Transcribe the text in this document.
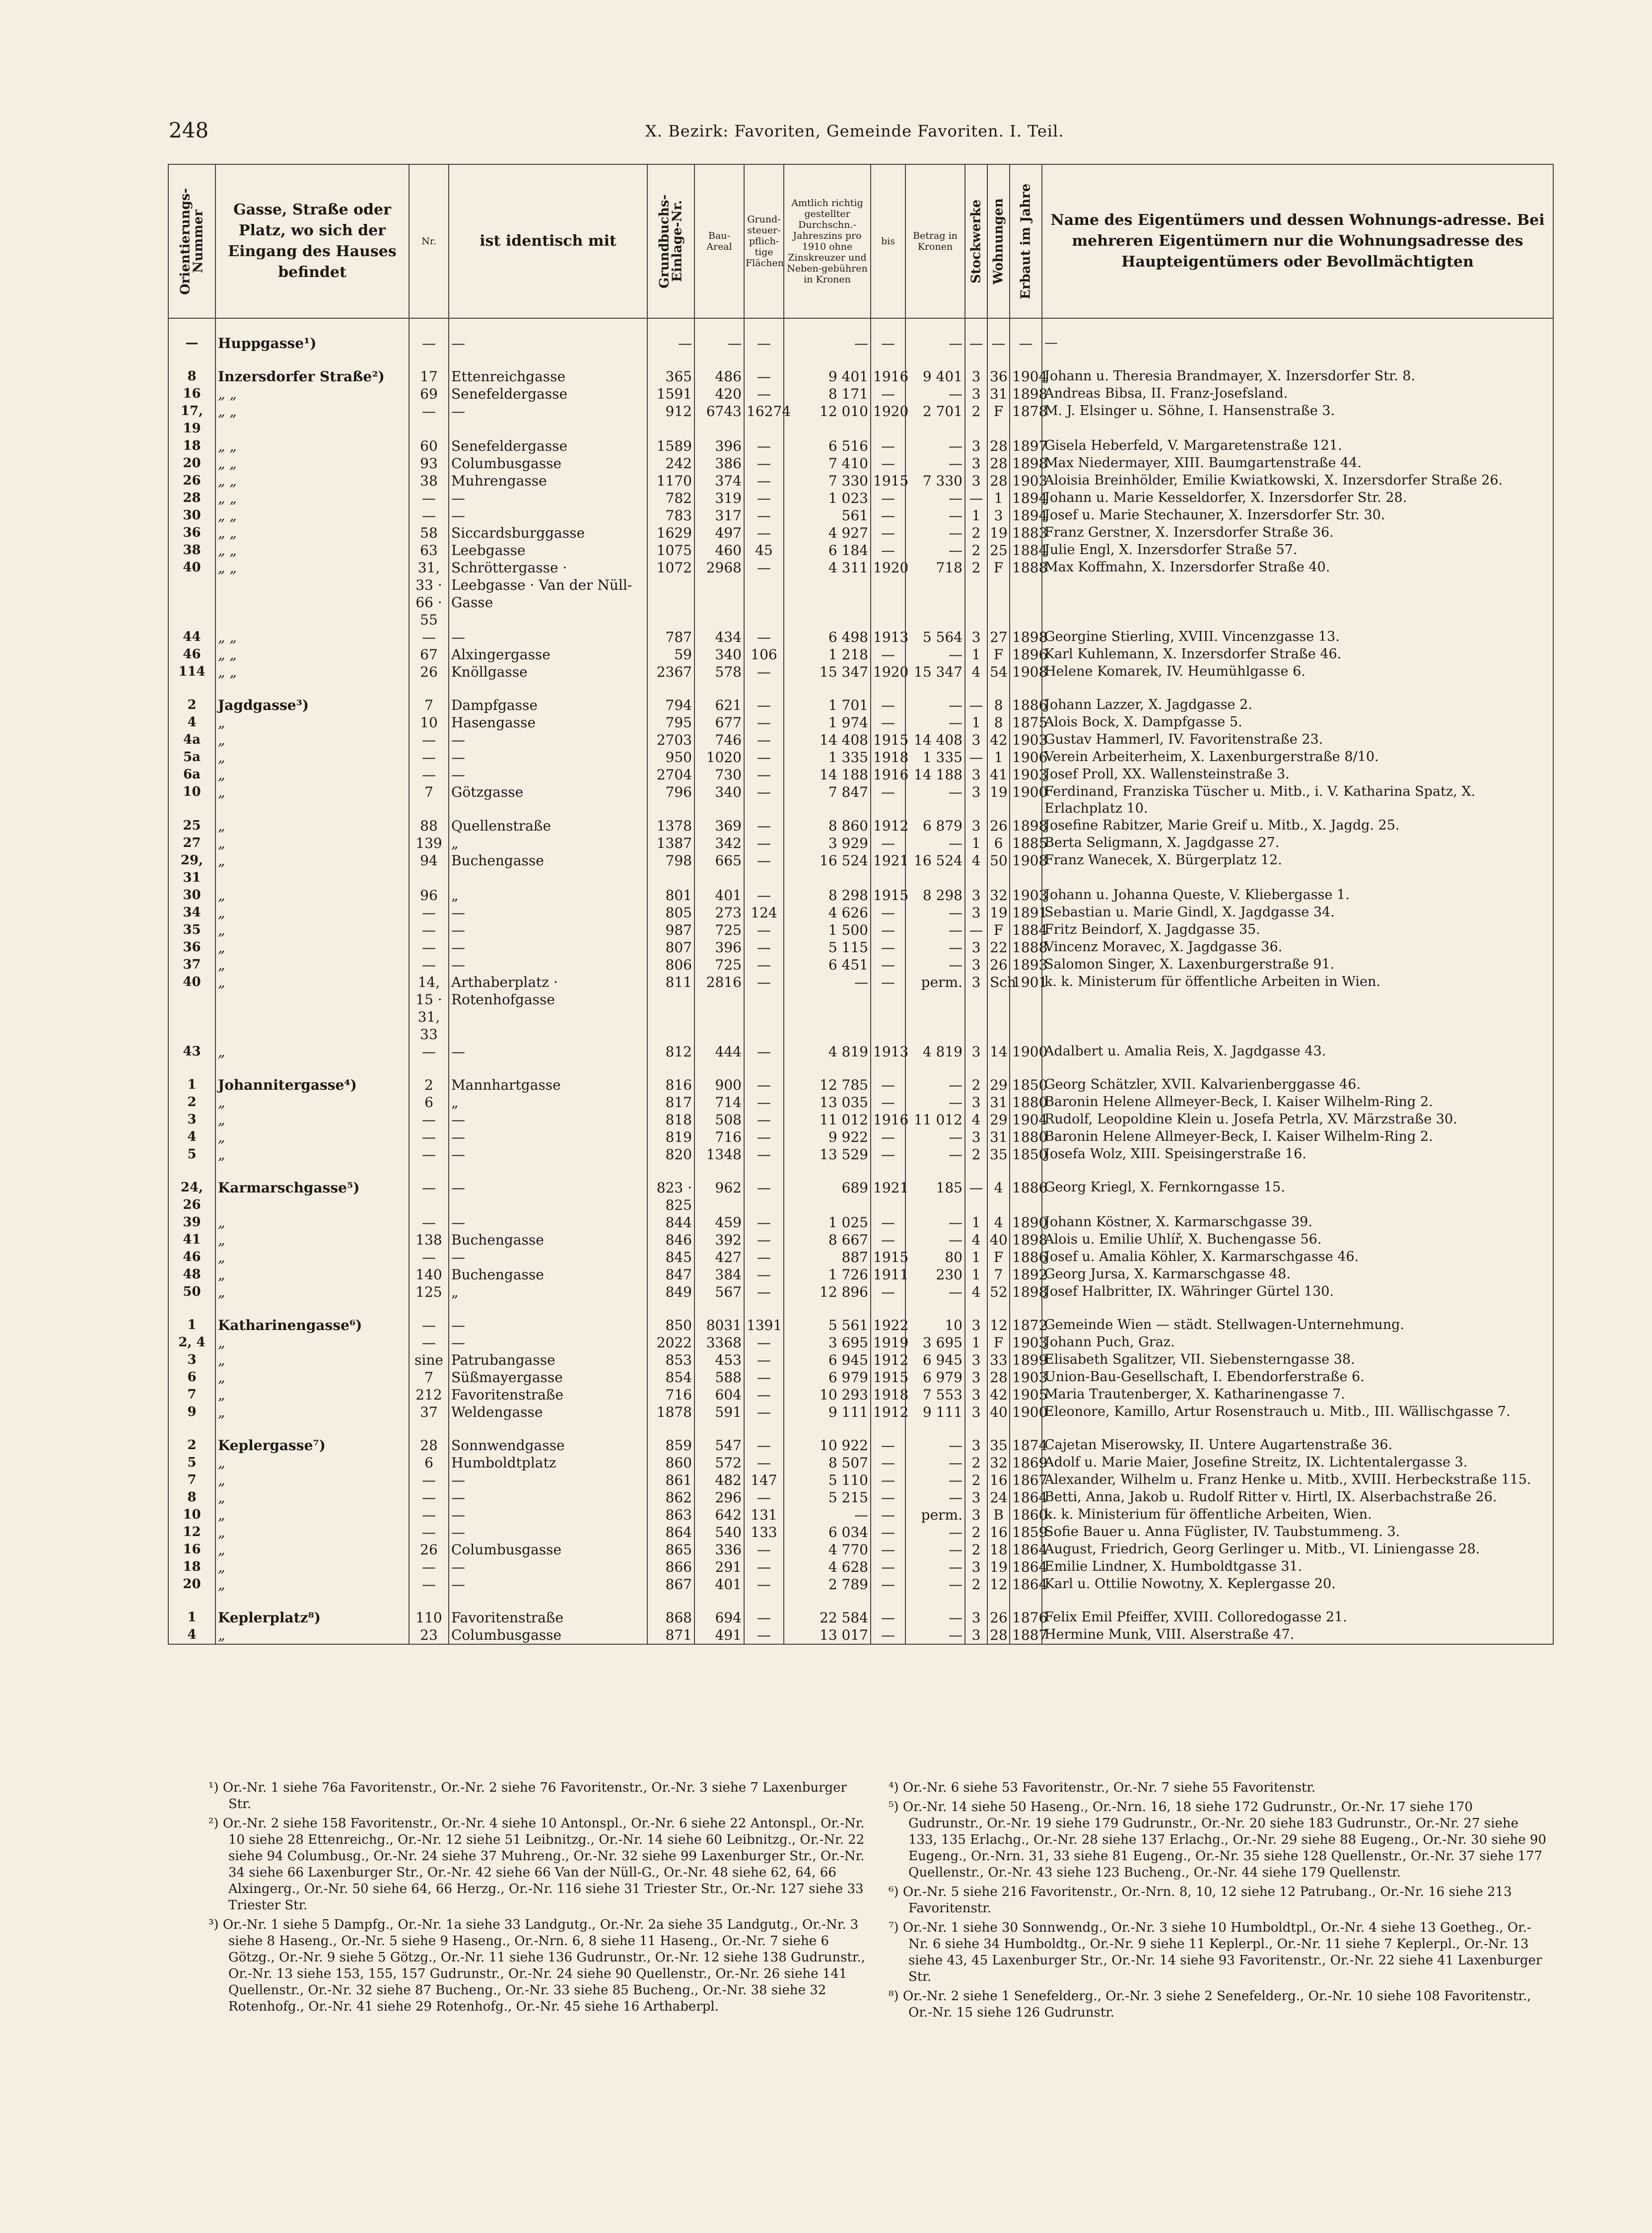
248	X. Bezirk: Favoriten, Gemeinde Favoriten. I. Teil.
Orientierungs-Nummer	Gasse, Straße oder Platz, wo sich der Eingang des Hauses befindet	Nr.	ist identisch mit	Grundbuchs-Einlage-Nr.	Bau-Areal	Grund-steuer-pflich-tige Flächen	Amtlich richtig gestellter Durchschn.-Jahreszins pro 1910 ohne Zinskreuzer und Neben-gebühren in Kronen	bis	Betrag in Kronen	Stockwerke	Wohnungen	Erbaut im Jahre	Name des Eigentümers und dessen Wohnungs-adresse. Bei mehreren Eigentümern nur die Wohnungsadresse des Haupteigentümers oder Bevollmächtigten
—	Huppgasse¹)	—	—	—	—	—	—	—	—	—	—	—	—
8	Inzersdorfer Straße²)	17	Ettenreichgasse	365	486	—	9 401	1916	9 401	3	36	1904	Johann u. Theresia Brandmayer, X. Inzersdorfer Str. 8.
16	„ „	69	Senefeldergasse	1591	420	—	8 171	—	—	3	31	1898	Andreas Bibsa, II. Franz-Josefsland.
17, 19	„ „	—	—	912	6743	16274	12 010	1920	2 701	2	F	1878	M. J. Elsinger u. Söhne, I. Hansenstraße 3.
18	„ „	60	Senefeldergasse	1589	396	—	6 516	—	—	3	28	1897	Gisela Heberfeld, V. Margaretenstraße 121.
20	„ „	93	Columbusgasse	242	386	—	7 410	—	—	3	28	1898	Max Niedermayer, XIII. Baumgartenstraße 44.
26	„ „	38	Muhrengasse	1170	374	—	7 330	1915	7 330	3	28	1903	Aloisia Breinhölder, Emilie Kwiatkowski, X. Inzersdorfer Straße 26.
28	„ „	—	—	782	319	—	1 023	—	—	—	1	1894	Johann u. Marie Kesseldorfer, X. Inzersdorfer Str. 28.
30	„ „	—	—	783	317	—	561	—	—	1	3	1894	Josef u. Marie Stechauner, X. Inzersdorfer Str. 30.
36	„ „	58	Siccardsburggasse	1629	497	—	4 927	—	—	2	19	1883	Franz Gerstner, X. Inzersdorfer Straße 36.
38	„ „	63	Leebgasse	1075	460	45	6 184	—	—	2	25	1884	Julie Engl, X. Inzersdorfer Straße 57.
40	„ „	31, 33 · 66 · 55	Schröttergasse · Leebgasse · Van der Nüll-Gasse	1072	2968	—	4 311	1920	718	2	F	1888	Max Koffmahn, X. Inzersdorfer Straße 40.
44	„ „	—	—	787	434	—	6 498	1913	5 564	3	27	1898	Georgine Stierling, XVIII. Vincenzgasse 13.
46	„ „	67	Alxingergasse	59	340	106	1 218	—	—	1	F	1896	Karl Kuhlemann, X. Inzersdorfer Straße 46.
114	„ „	26	Knöllgasse	2367	578	—	15 347	1920	15 347	4	54	1908	Helene Komarek, IV. Heumühlgasse 6.
2	Jagdgasse³)	7	Dampfgasse	794	621	—	1 701	—	—	—	8	1886	Johann Lazzer, X. Jagdgasse 2.
4	„	10	Hasengasse	795	677	—	1 974	—	—	1	8	1875	Alois Bock, X. Dampfgasse 5.
4a	„	—	—	2703	746	—	14 408	1915	14 408	3	42	1903	Gustav Hammerl, IV. Favoritenstraße 23.
5a	„	—	—	950	1020	—	1 335	1918	1 335	—	1	1906	Verein Arbeiterheim, X. Laxenburgerstraße 8/10.
6a	„	—	—	2704	730	—	14 188	1916	14 188	3	41	1903	Josef Proll, XX. Wallensteinstraße 3.
10	„	7	Götzgasse	796	340	—	7 847	—	—	3	19	1900	Ferdinand, Franziska Tüscher u. Mitb., i. V. Katharina Spatz, X. Erlachplatz 10.
25	„	88	Quellenstraße	1378	369	—	8 860	1912	6 879	3	26	1898	Josefine Rabitzer, Marie Greif u. Mitb., X. Jagdg. 25.
27	„	139	„	1387	342	—	3 929	—	—	1	6	1885	Berta Seligmann, X. Jagdgasse 27.
29, 31	„	94	Buchengasse	798	665	—	16 524	1921	16 524	4	50	1908	Franz Wanecek, X. Bürgerplatz 12.
30	„	96	„	801	401	—	8 298	1915	8 298	3	32	1903	Johann u. Johanna Queste, V. Kliebergasse 1.
34	„	—	—	805	273	124	4 626	—	—	3	19	1891	Sebastian u. Marie Gindl, X. Jagdgasse 34.
35	„	—	—	987	725	—	1 500	—	—	—	F	1884	Fritz Beindorf, X. Jagdgasse 35.
36	„	—	—	807	396	—	5 115	—	—	3	22	1888	Vincenz Moravec, X. Jagdgasse 36.
37	„	—	—	806	725	—	6 451	—	—	3	26	1893	Salomon Singer, X. Laxenburgerstraße 91.
40	„	14, 15 · 31, 33	Arthaberplatz · Rotenhofgasse	811	2816	—	—	—	perm.	3	Sch	1901	k. k. Ministerum für öffentliche Arbeiten in Wien.
43	„	—	—	812	444	—	4 819	1913	4 819	3	14	1900	Adalbert u. Amalia Reis, X. Jagdgasse 43.
1	Johannitergasse⁴)	2	Mannhartgasse	816	900	—	12 785	—	—	2	29	1850	Georg Schätzler, XVII. Kalvarienberggasse 46.
2	„	6	„	817	714	—	13 035	—	—	3	31	1880	Baronin Helene Allmeyer-Beck, I. Kaiser Wilhelm-Ring 2.
3	„	—	—	818	508	—	11 012	1916	11 012	4	29	1904	Rudolf, Leopoldine Klein u. Josefa Petrla, XV. Märzstraße 30.
4	„	—	—	819	716	—	9 922	—	—	3	31	1880	Baronin Helene Allmeyer-Beck, I. Kaiser Wilhelm-Ring 2.
5	„	—	—	820	1348	—	13 529	—	—	2	35	1850	Josefa Wolz, XIII. Speisingerstraße 16.
24, 26	Karmarschgasse⁵)	—	—	823 · 825	962	—	689	1921	185	—	4	1886	Georg Kriegl, X. Fernkorngasse 15.
39	„	—	—	844	459	—	1 025	—	—	1	4	1890	Johann Köstner, X. Karmarschgasse 39.
41	„	138	Buchengasse	846	392	—	8 667	—	—	4	40	1898	Alois u. Emilie Uhlíř, X. Buchengasse 56.
46	„	—	—	845	427	—	887	1915	80	1	F	1886	Josef u. Amalia Köhler, X. Karmarschgasse 46.
48	„	140	Buchengasse	847	384	—	1 726	1911	230	1	7	1892	Georg Jursa, X. Karmarschgasse 48.
50	„	125	„	849	567	—	12 896	—	—	4	52	1898	Josef Halbritter, IX. Währinger Gürtel 130.
1	Katharinengasse⁶)	—	—	850	8031	1391	5 561	1922	10	3	12	1872	Gemeinde Wien — städt. Stellwagen-Unternehmung.
2, 4	„	—	—	2022	3368	—	3 695	1919	3 695	1	F	1903	Johann Puch, Graz.
3	„	sine	Patrubangasse	853	453	—	6 945	1912	6 945	3	33	1899	Elisabeth Sgalitzer, VII. Siebensterngasse 38.
6	„	7	Süßmayergasse	854	588	—	6 979	1915	6 979	3	28	1903	Union-Bau-Gesellschaft, I. Ebendorferstraße 6.
7	„	212	Favoritenstraße	716	604	—	10 293	1918	7 553	3	42	1905	Maria Trautenberger, X. Katharinengasse 7.
9	„	37	Weldengasse	1878	591	—	9 111	1912	9 111	3	40	1900	Eleonore, Kamillo, Artur Rosenstrauch u. Mitb., III. Wällischgasse 7.
2	Keplergasse⁷)	28	Sonnwendgasse	859	547	—	10 922	—	—	3	35	1874	Cajetan Miserowsky, II. Untere Augartenstraße 36.
5	„	6	Humboldtplatz	860	572	—	8 507	—	—	2	32	1869	Adolf u. Marie Maier, Josefine Streitz, IX. Lichtentalergasse 3.
7	„	—	—	861	482	147	5 110	—	—	2	16	1867	Alexander, Wilhelm u. Franz Henke u. Mitb., XVIII. Herbeckstraße 115.
8	„	—	—	862	296	—	5 215	—	—	3	24	1864	Betti, Anna, Jakob u. Rudolf Ritter v. Hirtl, IX. Alserbachstraße 26.
10	„	—	—	863	642	131	—	—	perm.	3	B	1860	k. k. Ministerium für öffentliche Arbeiten, Wien.
12	„	—	—	864	540	133	6 034	—	—	2	16	1859	Sofie Bauer u. Anna Füglister, IV. Taubstummeng. 3.
16	„	26	Columbusgasse	865	336	—	4 770	—	—	2	18	1864	August, Friedrich, Georg Gerlinger u. Mitb., VI. Liniengasse 28.
18	„	—	—	866	291	—	4 628	—	—	3	19	1864	Emilie Lindner, X. Humboldtgasse 31.
20	„	—	—	867	401	—	2 789	—	—	2	12	1864	Karl u. Ottilie Nowotny, X. Keplergasse 20.
1	Keplerplatz⁸)	110	Favoritenstraße	868	694	—	22 584	—	—	3	26	1876	Felix Emil Pfeiffer, XVIII. Colloredogasse 21.
4	„	23	Columbusgasse	871	491	—	13 017	—	—	3	28	1887	Hermine Munk, VIII. Alserstraße 47.

¹) Or.-Nr. 1 siehe 76a Favoritenstr., Or.-Nr. 2 siehe 76 Favoritenstr., Or.-Nr. 3 siehe 7 Laxenburger Str.

²) Or.-Nr. 2 siehe 158 Favoritenstr., Or.-Nr. 4 siehe 10 Antonspl., Or.-Nr. 6 siehe 22 Antonspl., Or.-Nr. 10 siehe 28 Ettenreichg., Or.-Nr. 12 siehe 51 Leibnitzg., Or.-Nr. 14 siehe 60 Leibnitzg., Or.-Nr. 22 siehe 94 Columbusg., Or.-Nr. 24 siehe 37 Muhreng., Or.-Nr. 32 siehe 99 Laxenburger Str., Or.-Nr. 34 siehe 66 Laxenburger Str., Or.-Nr. 42 siehe 66 Van der Nüll-G., Or.-Nr. 48 siehe 62, 64, 66 Alxingerg., Or.-Nr. 50 siehe 64, 66 Herzg., Or.-Nr. 116 siehe 31 Triester Str., Or.-Nr. 127 siehe 33 Triester Str.

³) Or.-Nr. 1 siehe 5 Dampfg., Or.-Nr. 1a siehe 33 Landgutg., Or.-Nr. 2a siehe 35 Landgutg., Or.-Nr. 3 siehe 8 Haseng., Or.-Nr. 5 siehe 9 Haseng., Or.-Nrn. 6, 8 siehe 11 Haseng., Or.-Nr. 7 siehe 6 Götzg., Or.-Nr. 9 siehe 5 Götzg., Or.-Nr. 11 siehe 136 Gudrunstr., Or.-Nr. 12 siehe 138 Gudrunstr., Or.-Nr. 13 siehe 153, 155, 157 Gudrunstr., Or.-Nr. 24 siehe 90 Quellenstr., Or.-Nr. 26 siehe 141 Quellenstr., Or.-Nr. 32 siehe 87 Bucheng., Or.-Nr. 33 siehe 85 Bucheng., Or.-Nr. 38 siehe 32 Rotenhofg., Or.-Nr. 41 siehe 29 Rotenhofg., Or.-Nr. 45 siehe 16 Arthaberpl.

⁴) Or.-Nr. 6 siehe 53 Favoritenstr., Or.-Nr. 7 siehe 55 Favoritenstr.

⁵) Or.-Nr. 14 siehe 50 Haseng., Or.-Nrn. 16, 18 siehe 172 Gudrunstr., Or.-Nr. 17 siehe 170 Gudrunstr., Or.-Nr. 19 siehe 179 Gudrunstr., Or.-Nr. 20 siehe 183 Gudrunstr., Or.-Nr. 27 siehe 133, 135 Erlachg., Or.-Nr. 28 siehe 137 Erlachg., Or.-Nr. 29 siehe 88 Eugeng., Or.-Nr. 30 siehe 90 Eugeng., Or.-Nrn. 31, 33 siehe 81 Eugeng., Or.-Nr. 35 siehe 128 Quellenstr., Or.-Nr. 37 siehe 177 Quellenstr., Or.-Nr. 43 siehe 123 Bucheng., Or.-Nr. 44 siehe 179 Quellenstr.

⁶) Or.-Nr. 5 siehe 216 Favoritenstr., Or.-Nrn. 8, 10, 12 siehe 12 Patrubang., Or.-Nr. 16 siehe 213 Favoritenstr.

⁷) Or.-Nr. 1 siehe 30 Sonnwendg., Or.-Nr. 3 siehe 10 Humboldtpl., Or.-Nr. 4 siehe 13 Goetheg., Or.-Nr. 6 siehe 34 Humboldtg., Or.-Nr. 9 siehe 11 Keplerpl., Or.-Nr. 11 siehe 7 Keplerpl., Or.-Nr. 13 siehe 43, 45 Laxenburger Str., Or.-Nr. 14 siehe 93 Favoritenstr., Or.-Nr. 22 siehe 41 Laxenburger Str.

⁸) Or.-Nr. 2 siehe 1 Senefelderg., Or.-Nr. 3 siehe 2 Senefelderg., Or.-Nr. 10 siehe 108 Favoritenstr., Or.-Nr. 15 siehe 126 Gudrunstr.
